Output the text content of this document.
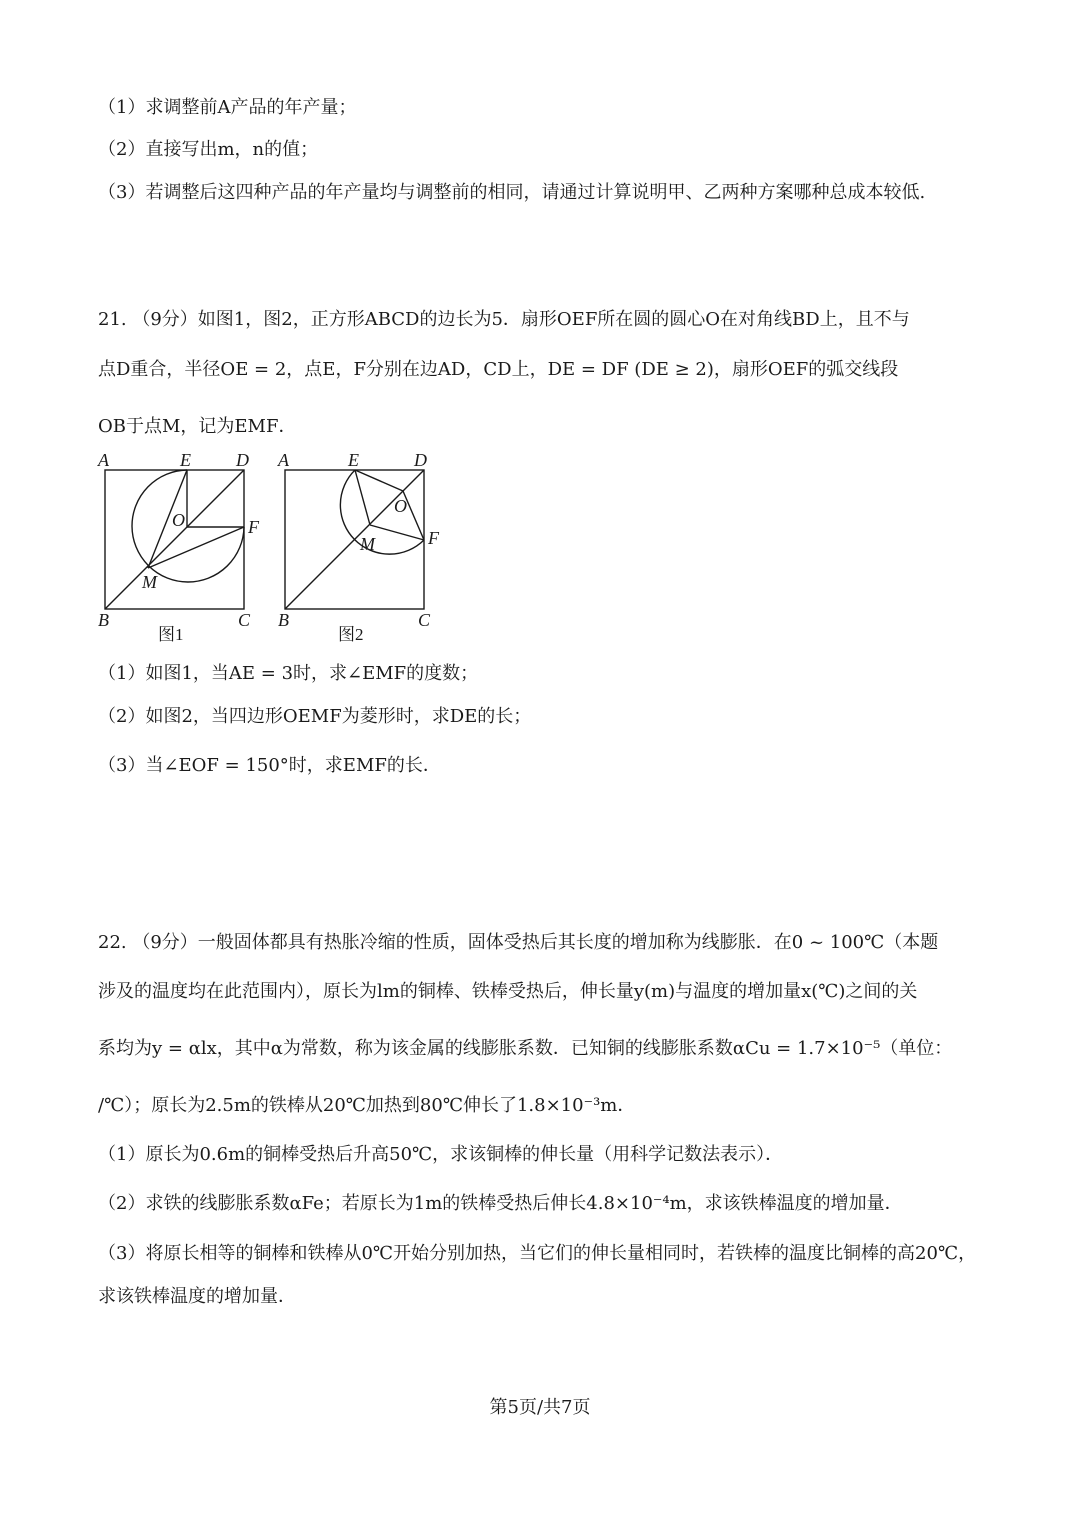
（1）求调整前A产品的年产量；
（2）直接写出m，n的值；
（3）若调整后这四种产品的年产量均与调整前的相同，请通过计算说明甲、乙两种方案哪种总成本较低.
21. （9分）如图1，图2，正方形ABCD的边长为5．扇形OEF所在圆的圆心O在对角线BD上，且不与
点D重合，半径OE = 2，点E，F分别在边AD，CD上，DE = DF (DE ≥ 2)，扇形OEF的弧交线段
OB于点M，记为EMF．
A	E	D
O	F
M
B	C
图1
A	E	D
O
F
M
B	C
图2
（1）如图1，当AE = 3时，求∠EMF的度数；
（2）如图2，当四边形OEMF为菱形时，求DE的长；
（3）当∠EOF = 150°时，求EMF的长．
22. （9分）一般固体都具有热胀冷缩的性质，固体受热后其长度的增加称为线膨胀．在0 ~ 100℃（本题
涉及的温度均在此范围内），原长为lm的铜棒、铁棒受热后，伸长量y(m)与温度的增加量x(℃)之间的关
系均为y = αlx，其中α为常数，称为该金属的线膨胀系数．已知铜的线膨胀系数αCu = 1.7×10⁻⁵（单位：
/℃）；原长为2.5m的铁棒从20℃加热到80℃伸长了1.8×10⁻³m．
（1）原长为0.6m的铜棒受热后升高50℃，求该铜棒的伸长量（用科学记数法表示）．
（2）求铁的线膨胀系数αFe；若原长为1m的铁棒受热后伸长4.8×10⁻⁴m，求该铁棒温度的增加量．
（3）将原长相等的铜棒和铁棒从0℃开始分别加热，当它们的伸长量相同时，若铁棒的温度比铜棒的高20℃，
求该铁棒温度的增加量．
第5页/共7页
